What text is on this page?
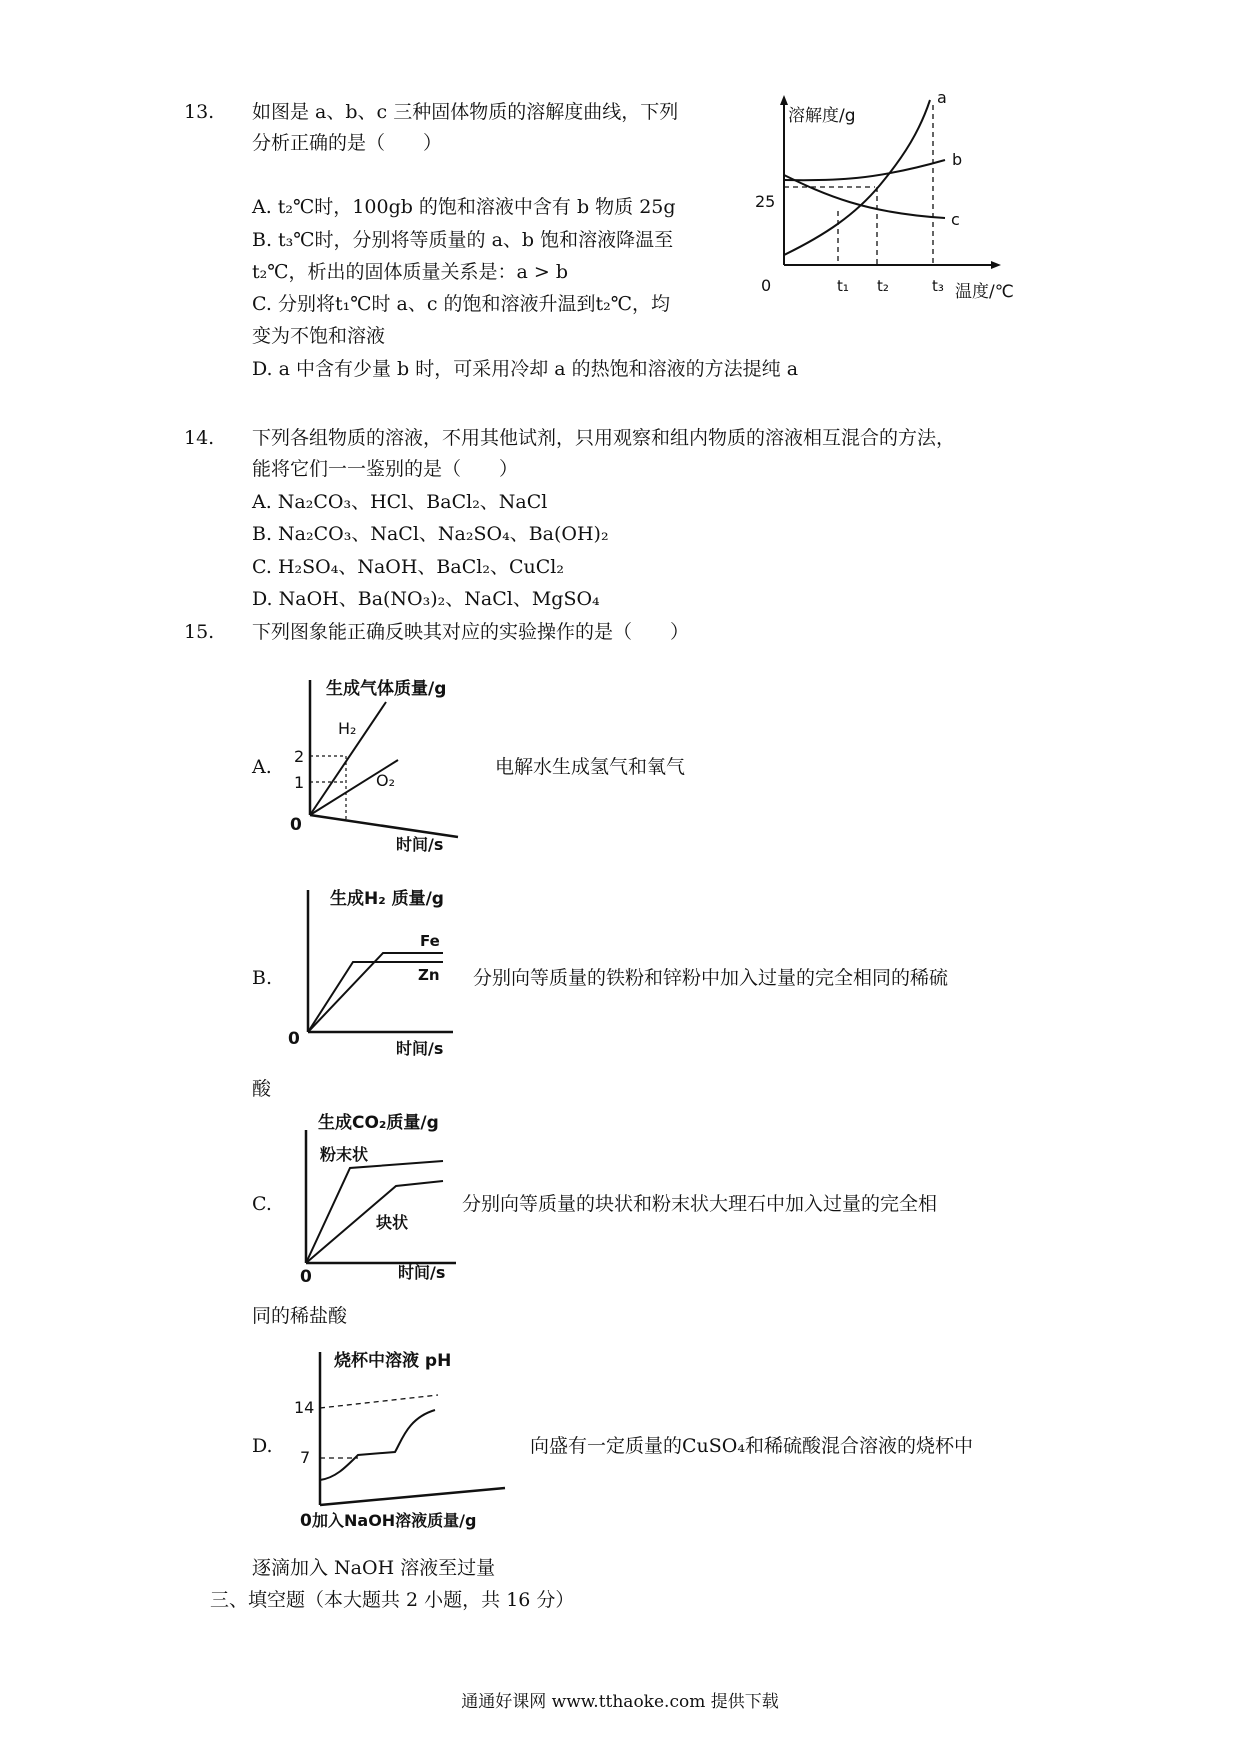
13. 如图是 a、b、c 三种固体物质的溶解度曲线，下列
分析正确的是（　　）
A. t₂℃时，100gb 的饱和溶液中含有 b 物质 25g
B. t₃℃时，分别将等质量的 a、b 饱和溶液降温至
t₂℃，析出的固体质量关系是：a > b
C. 分别将t₁℃时 a、c 的饱和溶液升温到t₂℃，均
变为不饱和溶液
D. a 中含有少量 b 时，可采用冷却 a 的热饱和溶液的方法提纯 a
溶解度/g
温度/℃
0
25
t₁ t₂	t₃
a
b
c
14. 下列各组物质的溶液，不用其他试剂，只用观察和组内物质的溶液相互混合的方法，
能将它们一一鉴别的是（　　）
A. Na₂CO₃、HCl、BaCl₂、NaCl
B. Na₂CO₃、NaCl、Na₂SO₄、Ba(OH)₂
C. H₂SO₄、NaOH、BaCl₂、CuCl₂
D. NaOH、Ba(NO₃)₂、NaCl、MgSO₄
15. 下列图象能正确反映其对应的实验操作的是（　　）
A.
生成气体质量/g
时间/s
0
2
1
H₂
O₂
电解水生成氢气和氧气
B.
生成H₂ 质量/g
时间/s
0
Fe
Zn 分别向等质量的铁粉和锌粉中加入过量的完全相同的稀硫
酸
C.
生成CO₂质量/g
时间/s
0
粉末状
块状
分别向等质量的块状和粉末状大理石中加入过量的完全相
同的稀盐酸
D.
烧杯中溶液 pH
加入NaOH溶液质量/g
0
14
7
向盛有一定质量的CuSO₄和稀硫酸混合溶液的烧杯中
逐滴加入 NaOH 溶液至过量
三、填空题（本大题共 2 小题，共 16 分）
通通好课网 www.tthaoke.com 提供下载
